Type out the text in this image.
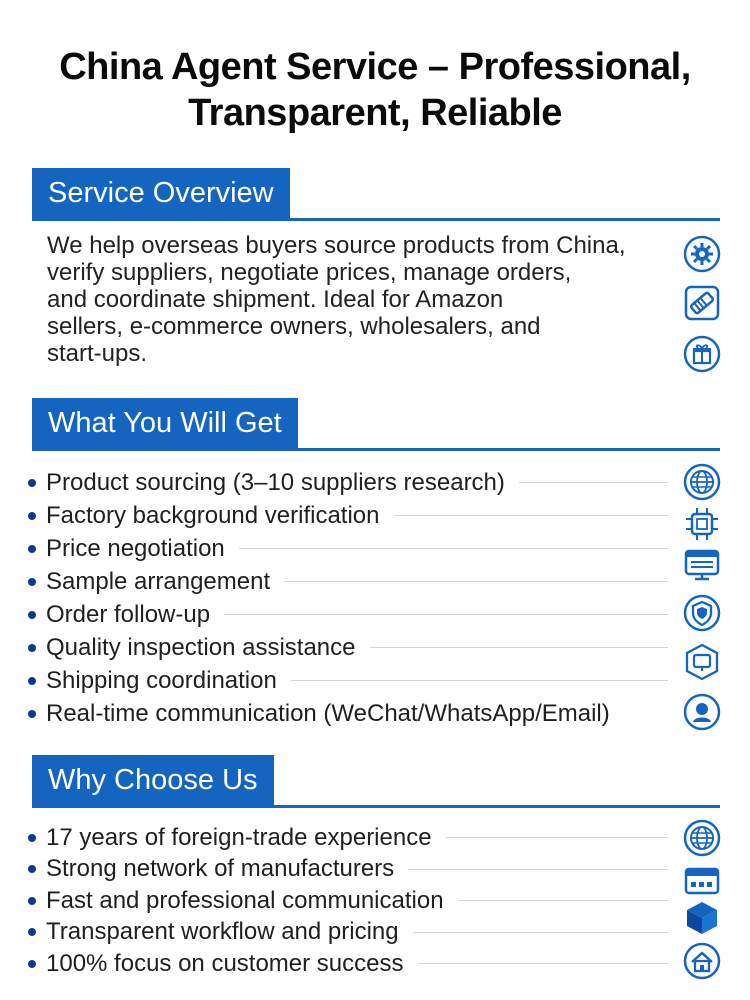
China Agent Service – Professional,
Transparent, Reliable
Service Overview
We help overseas buyers source products from China,
verify suppliers, negotiate prices, manage orders,
and coordinate shipment. Ideal for Amazon
sellers, e-commerce owners, wholesalers, and
start-ups.
What You Will Get
Product sourcing (3–10 suppliers research)
Factory background verification
Price negotiation
Sample arrangement
Order follow-up
Quality inspection assistance
Shipping coordination
Real-time communication (WeChat/WhatsApp/Email)
Why Choose Us
17 years of foreign-trade experience
Strong network of manufacturers
Fast and professional communication
Transparent workflow and pricing
100% focus on customer success
